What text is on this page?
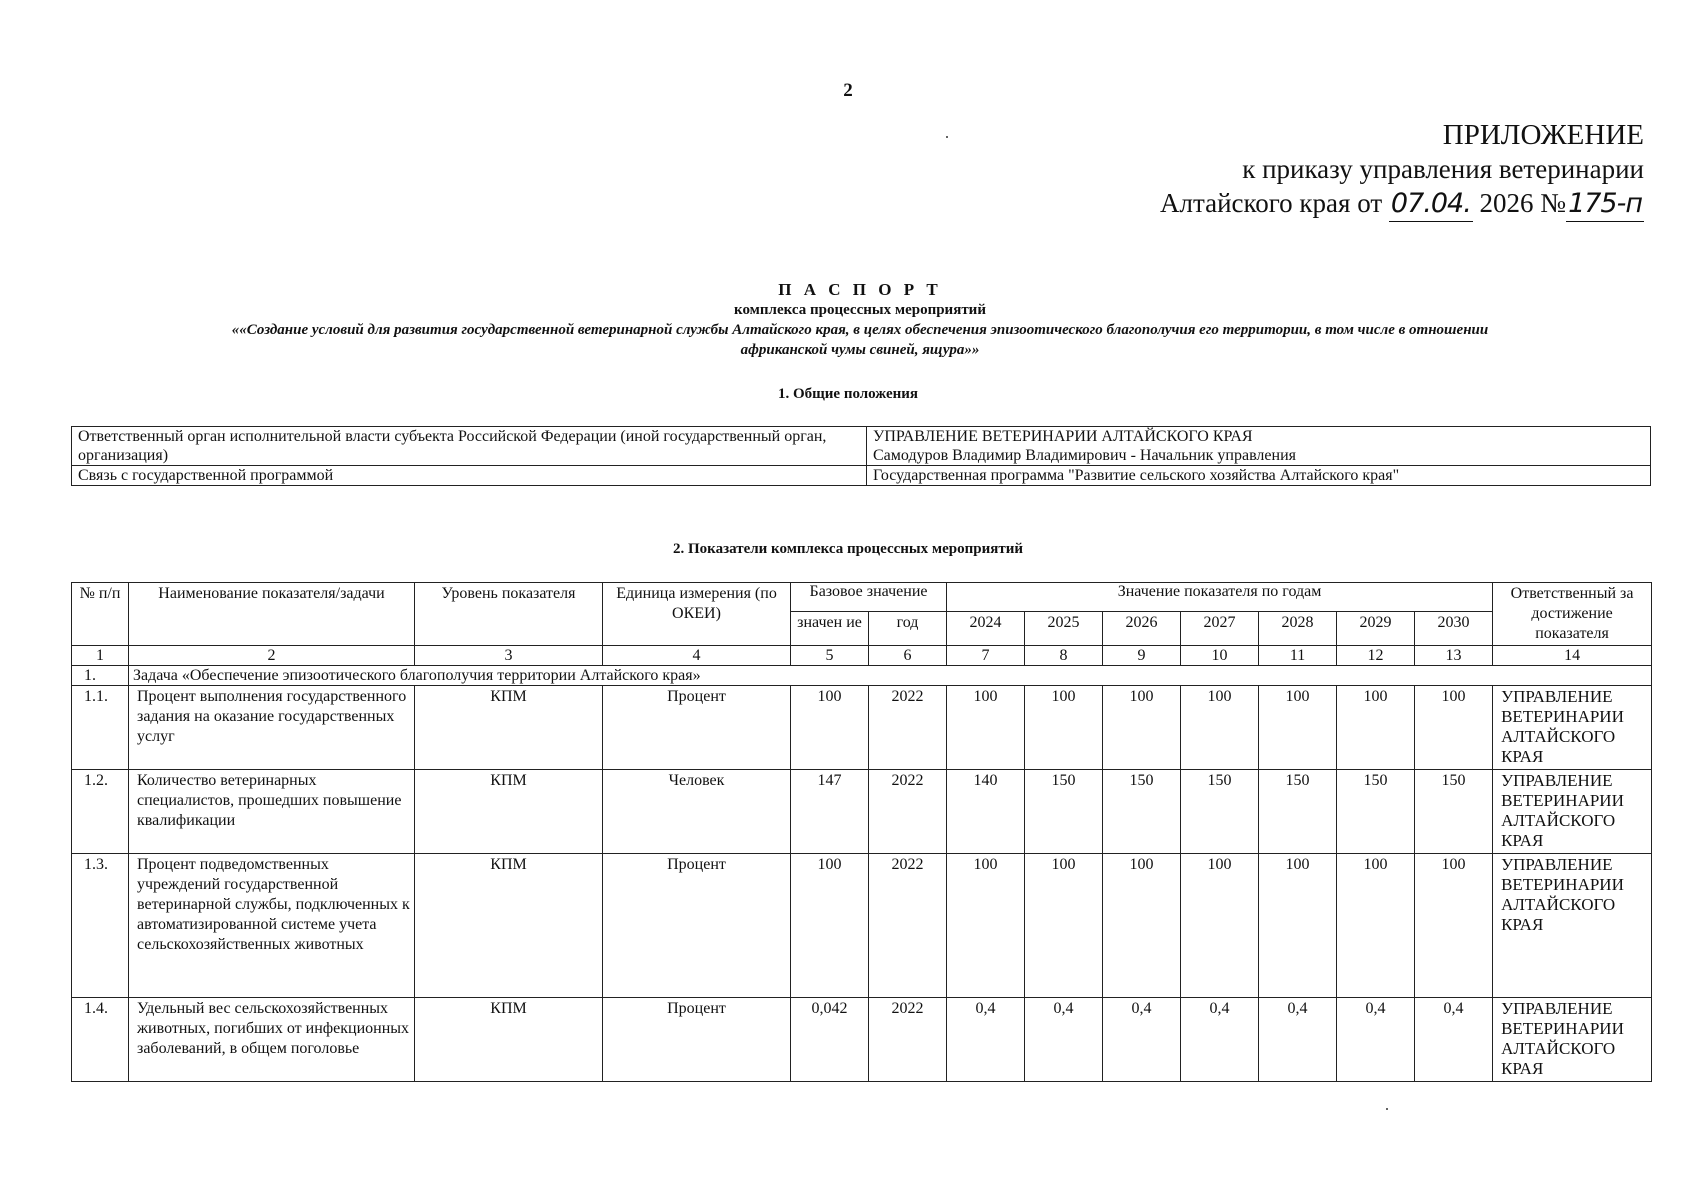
2
ПРИЛОЖЕНИЕ
к приказу управления ветеринарии
Алтайского края от 07.04. 2026 №175-п
П А С П О Р Т
комплекса процессных мероприятий
««Создание условий для развития государственной ветеринарной службы Алтайского края, в целях обеспечения эпизоотического благополучия его территории, в том числе в отношении
африканской чумы свиней, ящура»»
1. Общие положения
Ответственный орган исполнительной власти субъекта Российской Федерации (иной государственный орган, организация)	УПРАВЛЕНИЕ ВЕТЕРИНАРИИ АЛТАЙСКОГО КРАЯ
Самодуров Владимир Владимирович - Начальник управления

Связь с государственной программой	Государственная программа "Развитие сельского хозяйства Алтайского края"
2. Показатели комплекса процессных мероприятий
№ п/п	Наименование показателя/задачи	Уровень показателя	Единица измерения (по ОКЕИ)	Базовое значение		Значение показателя по годам							Ответственный за достижение показателя
				значен ие	год	2024	2025	2026	2027	2028	2029	2030	
1	2	3	4	5	6	7	8	9	10	11	12	13	14
1.	Задача «Обеспечение эпизоотического благополучия территории Алтайского края»												
1.1.	Процент выполнения государственного задания на оказание государственных услуг	КПМ	Процент	100	2022	100	100	100	100	100	100	100	УПРАВЛЕНИЕ ВЕТЕРИНАРИИ АЛТАЙСКОГО КРАЯ
1.2.	Количество ветеринарных специалистов, прошедших повышение квалификации	КПМ	Человек	147	2022	140	150	150	150	150	150	150	УПРАВЛЕНИЕ ВЕТЕРИНАРИИ АЛТАЙСКОГО КРАЯ
1.3.	Процент подведомственных учреждений государственной ветеринарной службы, подключенных к автоматизированной системе учета сельскохозяйственных животных	КПМ	Процент	100	2022	100	100	100	100	100	100	100	УПРАВЛЕНИЕ ВЕТЕРИНАРИИ АЛТАЙСКОГО КРАЯ
1.4.	Удельный вес сельскохозяйственных животных, погибших от инфекционных заболеваний, в общем поголовье	КПМ	Процент	0,042	2022	0,4	0,4	0,4	0,4	0,4	0,4	0,4	УПРАВЛЕНИЕ ВЕТЕРИНАРИИ АЛТАЙСКОГО КРАЯ
